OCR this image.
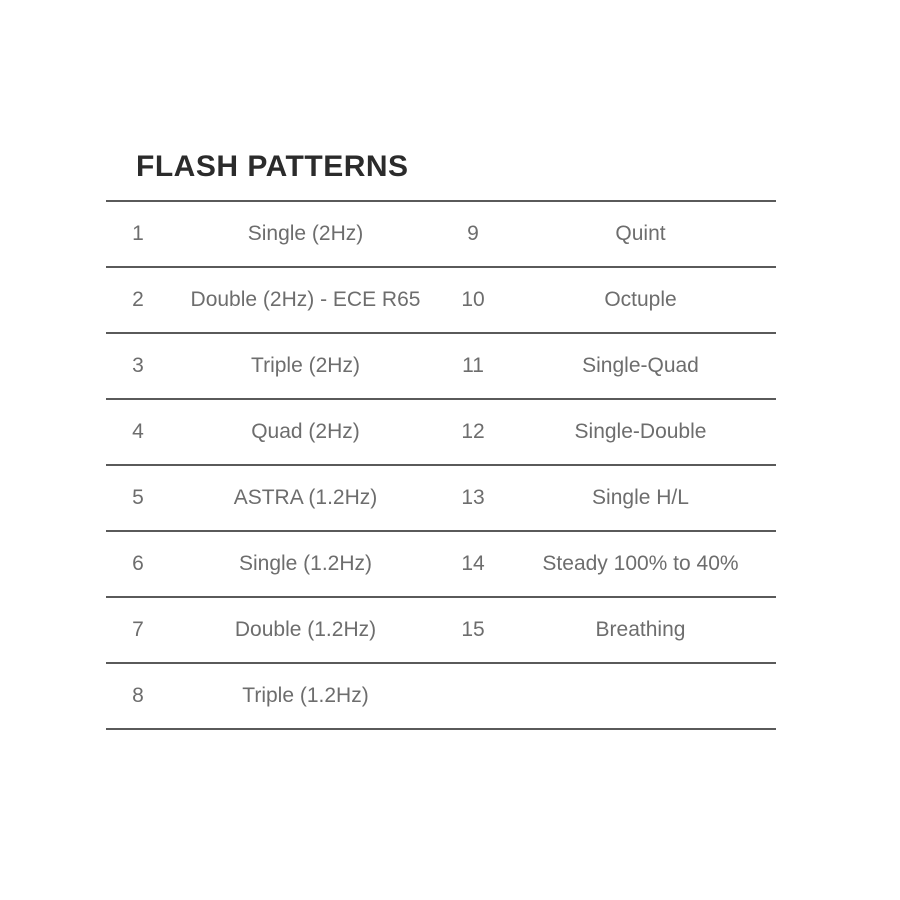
FLASH PATTERNS
1	Single (2Hz)	9	Quint
2	Double (2Hz) - ECE R65	10	Octuple
3	Triple (2Hz)	11	Single-Quad
4	Quad (2Hz)	12	Single-Double
5	ASTRA (1.2Hz)	13	Single H/L
6	Single (1.2Hz)	14	Steady 100% to 40%
7	Double (1.2Hz)	15	Breathing
8	Triple (1.2Hz)		
